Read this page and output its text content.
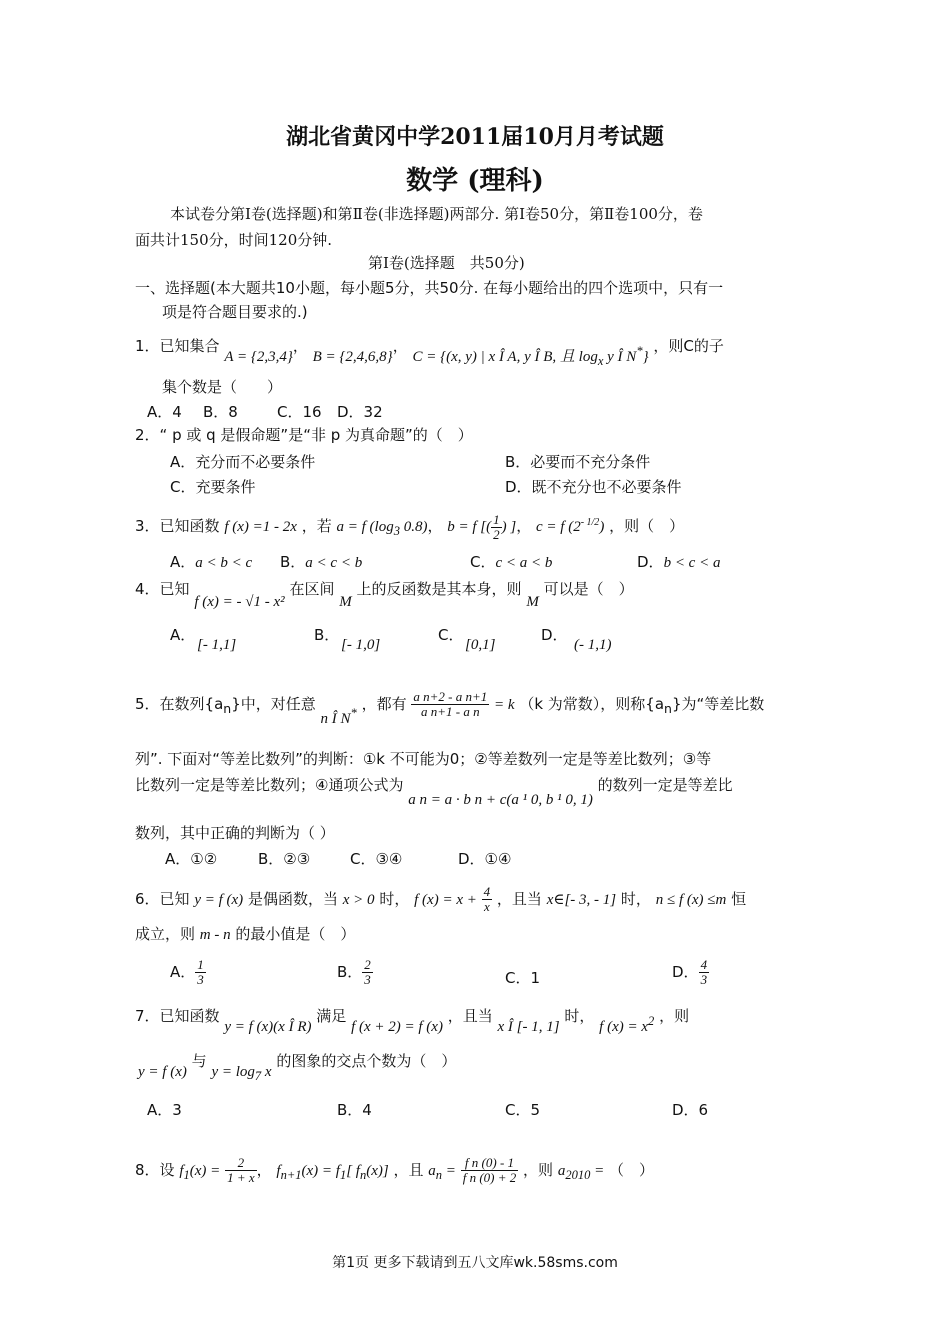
湖北省黄冈中学2011届10月月考试题
数学 (理科)
本试卷分第Ⅰ卷(选择题)和第Ⅱ卷(非选择题)两部分. 第Ⅰ卷50分，第Ⅱ卷100分，卷
面共计150分，时间120分钟.
第Ⅰ卷(选择题　共50分)
一、选择题(本大题共10小题，每小题5分，共50分. 在每小题给出的四个选项中，只有一
项是符合题目要求的.)
1．已知集合 A = {2,3,4}， B = {2,4,6,8}， C = {(x, y) | x Î A, y Î B, 且 $\log_x y$ Î N*} ，则C的子
集个数是（　　）
A．4 B．8	C．16 D．32
2．“ p 或 q 是假命题”是“非 p 为真命题”的（　）
A．充分而不必要条件	B．必要而不充分条件
C．充要条件	D．既不充分也不必要条件
3．已知函数 f (x) =1 - 2x ，若 a = f ($\log_3$ 0.8)， b = f [( $\frac{1}{2}$ ) ]， c = f $(2^{- 1/2})$ ，则（　）
A．a < b < c B．a < c < b	C．c < a < b	D．b < c < a
4．已知 f (x) = - √1 - x² 在区间 M 上的反函数是其本身，则 M 可以是（　）
A．
[- 1,1]
B．
[- 1,0]
C．
[0,1]
D．
(- 1,1)
5．在数列$\{a_n\}$中，对任意 n Î N* ，都有 $\frac{\text{a n+2 - a n+1}}{\text{a n+1 - a n}} = k$ （k 为常数），则称$\{a_n\}$为“等差比数
列”. 下面对“等差比数列”的判断：①k 不可能为0；②等差数列一定是等差比数列；③等
比数列一定是等差比数列；④通项公式为 a n = a · b n + c(a ¹ 0, b ¹ 0, 1) 的数列一定是等差比
数列，其中正确的判断为（ ）
A．①②	B．②③	C．③④	D．①④
6．已知 y = f (x) 是偶函数，当 x > 0 时， f $(x) = x + \frac{4}{x}$ ，且当 x∈[- 3, - 1] 时， n ≤ f (x) ≤m 恒
成立，则 m - n 的最小值是（　）
A． $\frac{1}{3}$	B． $\frac{2}{3}$	C．1	D． $\frac{4}{3}$
7．已知函数 y = f (x)(x Î R) 满足 f (x + 2) = f (x) ，且当 x Î [- 1, 1] 时， f $(x) = x^2$ ，则
y = f (x) 与 $y = \log_7 x$ 的图象的交点个数为（　）
A．3	B．4	C．5	D．6
8．设 $f_1(x) = \frac{2}{1 + x}$ ， $f_{n+1}(x) = f_1$[ $f_n(x)$] ，且 $a_n = \frac{\text{f n (0) - 1}}{\text{f n (0) + 2}}$ ，则 $a_{2010}$ = （　）
第1页 更多下载请到五八文库wk.58sms.com
